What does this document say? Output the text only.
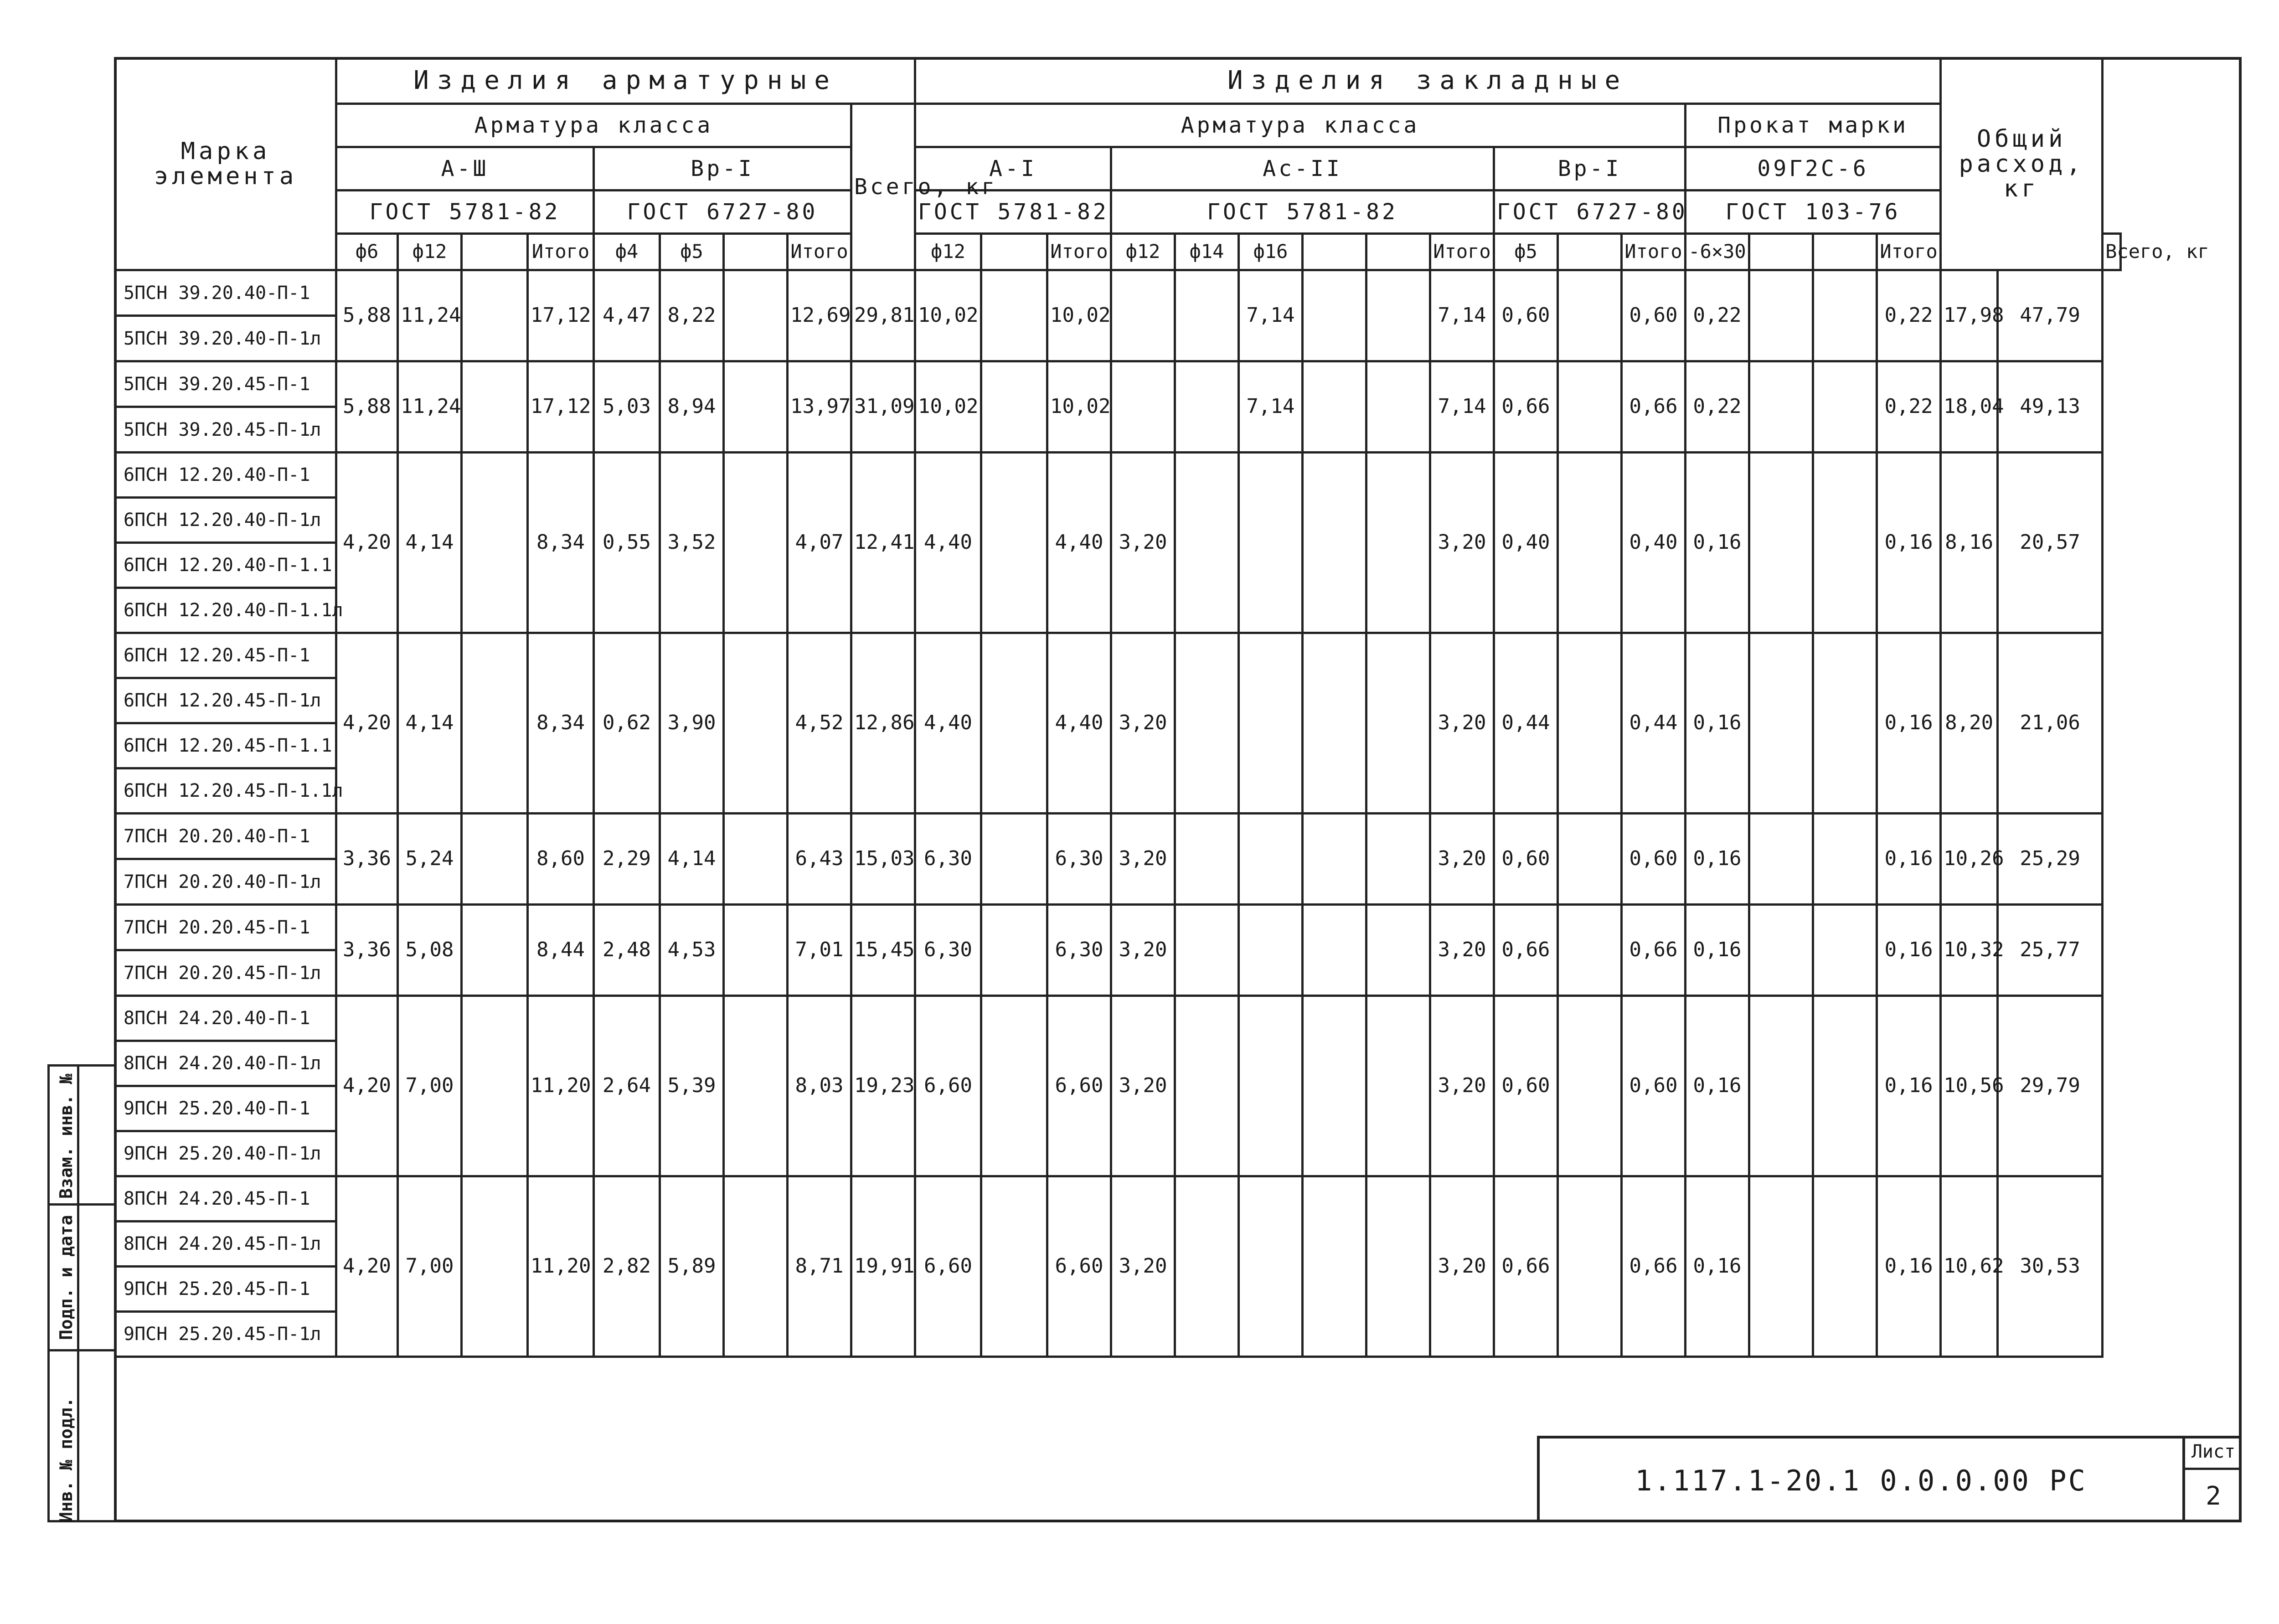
Марка элемента	Изделия арматурные									Изделия закладные																Общий расход, кг		
	Арматура класса								Всего, кг	Арматура класса												Прокат марки						
	А-Ш				Вр-I					А-I			Ас-II						Вр-I			09Г2С-6						
	ГОСТ 5781-82				ГОСТ 6727-80					ГОСТ 5781-82			ГОСТ 5781-82						ГОСТ 6727-80			ГОСТ 103-76						
	ф6	ф12		Итого	ф4	ф5		Итого		ф12		Итого	ф12	ф14	ф16			Итого	ф5		Итого	-6×30			Итого			Всего, кг
5ПСН 39.20.40-П-1	5,88	11,24		17,12	4,47	8,22		12,69	29,81	10,02		10,02			7,14			7,14	0,60		0,60	0,22			0,22	17,98	47,79	
5ПСН 39.20.40-П-1л																												
5ПСН 39.20.45-П-1	5,88	11,24		17,12	5,03	8,94		13,97	31,09	10,02		10,02			7,14			7,14	0,66		0,66	0,22			0,22	18,04	49,13	
5ПСН 39.20.45-П-1л																												
6ПСН 12.20.40-П-1	4,20	4,14		8,34	0,55	3,52		4,07	12,41	4,40		4,40	3,20					3,20	0,40		0,40	0,16			0,16	8,16	20,57	
6ПСН 12.20.40-П-1л																												
6ПСН 12.20.40-П-1.1																												
6ПСН 12.20.40-П-1.1л																												
6ПСН 12.20.45-П-1	4,20	4,14		8,34	0,62	3,90		4,52	12,86	4,40		4,40	3,20					3,20	0,44		0,44	0,16			0,16	8,20	21,06	
6ПСН 12.20.45-П-1л																												
6ПСН 12.20.45-П-1.1																												
6ПСН 12.20.45-П-1.1л																												
7ПСН 20.20.40-П-1	3,36	5,24		8,60	2,29	4,14		6,43	15,03	6,30		6,30	3,20					3,20	0,60		0,60	0,16			0,16	10,26	25,29	
7ПСН 20.20.40-П-1л																												
7ПСН 20.20.45-П-1	3,36	5,08		8,44	2,48	4,53		7,01	15,45	6,30		6,30	3,20					3,20	0,66		0,66	0,16			0,16	10,32	25,77	
7ПСН 20.20.45-П-1л																												
8ПСН 24.20.40-П-1	4,20	7,00		11,20	2,64	5,39		8,03	19,23	6,60		6,60	3,20					3,20	0,60		0,60	0,16			0,16	10,56	29,79	
8ПСН 24.20.40-П-1л																												
9ПСН 25.20.40-П-1																												
9ПСН 25.20.40-П-1л																												
8ПСН 24.20.45-П-1	4,20	7,00		11,20	2,82	5,89		8,71	19,91	6,60		6,60	3,20					3,20	0,66		0,66	0,16			0,16	10,62	30,53	
8ПСН 24.20.45-П-1л																												
9ПСН 25.20.45-П-1																												
9ПСН 25.20.45-П-1л																												
Инв. № подл.
Подп. и дата
Взам. инв. №
1.117.1-20.1 0.0.0.00 РС
Лист
2
